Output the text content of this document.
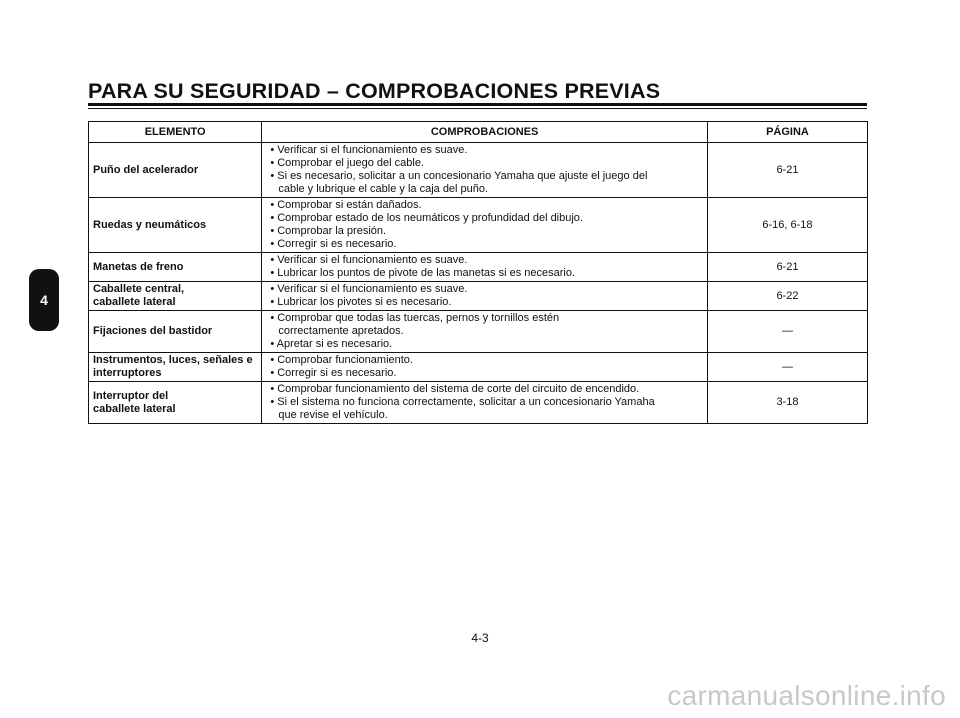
PARA SU SEGURIDAD – COMPROBACIONES PREVIAS
4
ELEMENTO	COMPROBACIONES	PÁGINA
Puño del acelerador	• Verificar si el funcionamiento es suave.
• Comprobar el juego del cable.
• Si es necesario, solicitar a un concesionario Yamaha que ajuste el juego del cable y lubrique el cable y la caja del puño.	6-21
Ruedas y neumáticos	• Comprobar si están dañados.
• Comprobar estado de los neumáticos y profundidad del dibujo.
• Comprobar la presión.
• Corregir si es necesario.	6-16, 6-18
Manetas de freno	• Verificar si el funcionamiento es suave.
• Lubricar los puntos de pivote de las manetas si es necesario.	6-21
Caballete central, caballete lateral	• Verificar si el funcionamiento es suave.
• Lubricar los pivotes si es necesario.	6-22
Fijaciones del bastidor	• Comprobar que todas las tuercas, pernos y tornillos estén correctamente apretados.
• Apretar si es necesario.	—
Instrumentos, luces, señales e interruptores	• Comprobar funcionamiento.
• Corregir si es necesario.	—
Interruptor del caballete lateral	• Comprobar funcionamiento del sistema de corte del circuito de encendido.
• Si el sistema no funciona correctamente, solicitar a un concesionario Yamaha que revise el vehículo.	3-18
4-3
carmanualsonline.info
